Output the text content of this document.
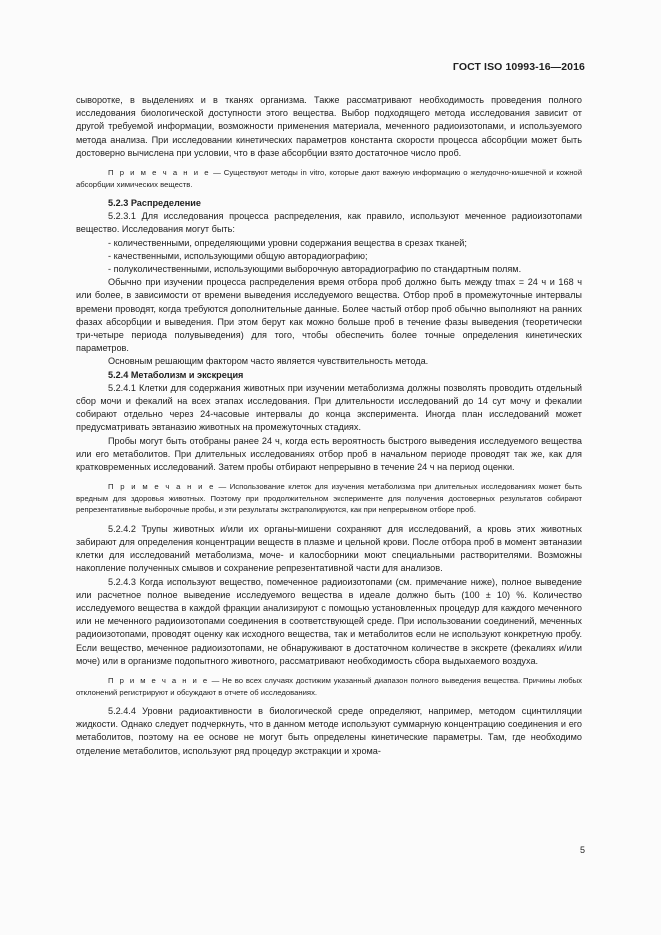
ГОСТ ISO 10993-16—2016

сыворотке, в выделениях и в тканях организма. Также рассматривают необходимость проведения полного исследования биологической доступности этого вещества. Выбор подходящего метода исследования зависит от другой требуемой информации, возможности применения материала, меченного радиоизотопами, и используемого метода анализа. При исследовании кинетических параметров константа скорости процесса абсорбции может быть достоверно вычислена при условии, что в фазе абсорбции взято достаточное число проб.

П р и м е ч а н и е — Существуют методы in vitro, которые дают важную информацию о желудочно-кишечной и кожной абсорбции химических веществ.

5.2.3 Распределение

5.2.3.1 Для исследования процесса распределения, как правило, используют меченное радиоизотопами вещество. Исследования могут быть:

- количественными, определяющими уровни содержания вещества в срезах тканей;

- качественными, использующими общую авторадиографию;

- полуколичественными, использующими выборочную авторадиографию по стандартным полям.

Обычно при изучении процесса распределения время отбора проб должно быть между tmax = 24 ч и 168 ч или более, в зависимости от времени выведения исследуемого вещества. Отбор проб в промежуточные интервалы времени проводят, когда требуются дополнительные данные. Более частый отбор проб обычно выполняют на ранних фазах абсорбции и выведения. При этом берут как можно больше проб в течение фазы выведения (теоретически три-четыре периода полувыведения) для того, чтобы обеспечить более точные определения кинетических параметров.

Основным решающим фактором часто является чувствительность метода.

5.2.4 Метаболизм и экскреция

5.2.4.1 Клетки для содержания животных при изучении метаболизма должны позволять проводить отдельный сбор мочи и фекалий на всех этапах исследования. При длительности исследований до 14 сут мочу и фекалии собирают отдельно через 24-часовые интервалы до конца эксперимента. Иногда план исследований может предусматривать эвтаназию животных на промежуточных стадиях.

Пробы могут быть отобраны ранее 24 ч, когда есть вероятность быстрого выведения исследуемого вещества или его метаболитов. При длительных исследованиях отбор проб в начальном периоде проводят так же, как для кратковременных исследований. Затем пробы отбирают непрерывно в течение 24 ч на период оценки.

П р и м е ч а н и е — Использование клеток для изучения метаболизма при длительных исследованиях может быть вредным для здоровья животных. Поэтому при продолжительном эксперименте для получения достоверных результатов собирают репрезентативные выборочные пробы, и эти результаты экстраполируются, как при непрерывном отборе проб.

5.2.4.2 Трупы животных и/или их органы-мишени сохраняют для исследований, а кровь этих животных забирают для определения концентрации веществ в плазме и цельной крови. После отбора проб в момент эвтаназии клетки для исследований метаболизма, моче- и калосборники моют специальными растворителями. Возможны накопление полученных смывов и сохранение репрезентативной части для анализов.

5.2.4.3 Когда используют вещество, помеченное радиоизотопами (см. примечание ниже), полное выведение или расчетное полное выведение исследуемого вещества в идеале должно быть (100 ± 10) %. Количество исследуемого вещества в каждой фракции анализируют с помощью установленных процедур для каждого меченного или не меченного радиоизотопами соединения в соответствующей среде. При использовании соединений, меченных радиоизотопами, проводят оценку как исходного вещества, так и метаболитов если не используют конкретную пробу. Если вещество, меченное радиоизотопами, не обнаруживают в достаточном количестве в экскрете (фекалиях и/или моче) или в организме подопытного животного, рассматривают необходимость сбора выдыхаемого воздуха.

П р и м е ч а н и е — Не во всех случаях достижим указанный диапазон полного выведения вещества. Причины любых отклонений регистрируют и обсуждают в отчете об исследованиях.

5.2.4.4 Уровни радиоактивности в биологической среде определяют, например, методом сцинтилляции жидкости. Однако следует подчеркнуть, что в данном методе используют суммарную концентрацию соединения и его метаболитов, поэтому на ее основе не могут быть определены кинетические параметры. Там, где необходимо отделение метаболитов, используют ряд процедур экстракции и хрома-

5
